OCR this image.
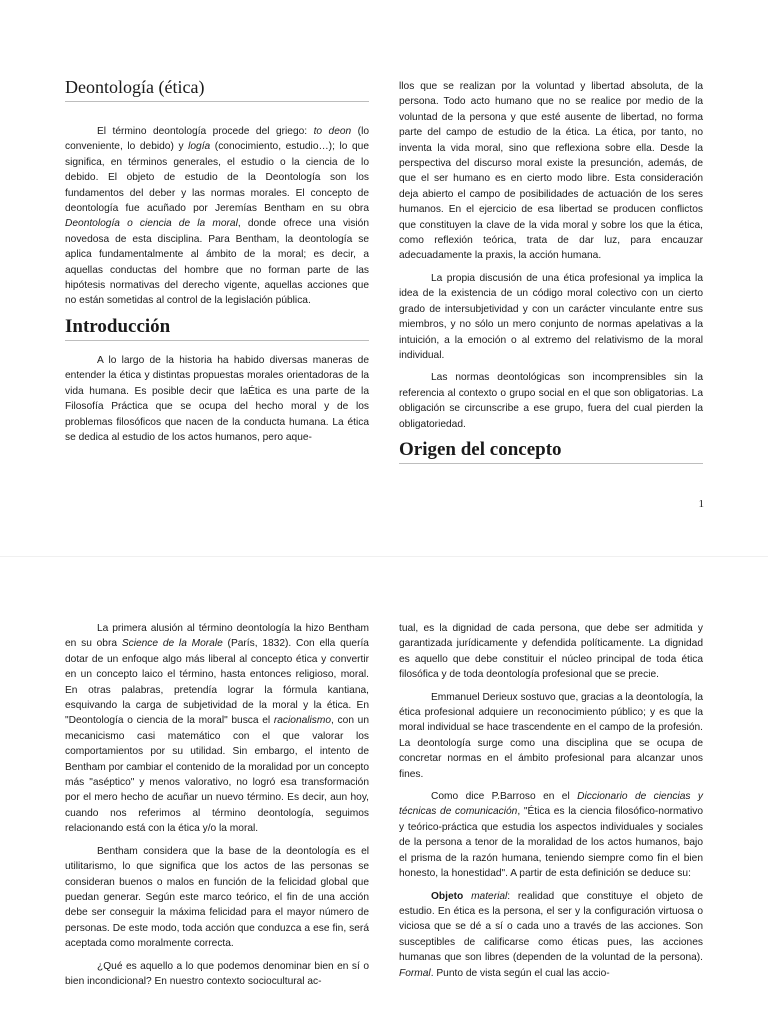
Deontología (ética)

El término deontología procede del griego: to deon (lo conveniente, lo debido) y logía (conocimiento, estudio…); lo que significa, en términos generales, el estudio o la ciencia de lo debido. El objeto de estudio de la Deontología son los fundamentos del deber y las normas morales. El concepto de deontología fue acuñado por Jeremías Bentham en su obra Deontología o ciencia de la moral, donde ofrece una visión novedosa de esta disciplina. Para Bentham, la deontología se aplica fundamentalmente al ámbito de la moral; es decir, a aquellas conductas del hombre que no forman parte de las hipótesis normativas del derecho vigente, aquellas acciones que no están sometidas al control de la legislación pública.

Introducción

A lo largo de la historia ha habido diversas maneras de entender la ética y distintas propuestas morales orientadoras de la vida humana. Es posible decir que laÉtica es una parte de la Filosofía Práctica que se ocupa del hecho moral y de los problemas filosóficos que nacen de la conducta humana. La ética se dedica al estudio de los actos humanos, pero aque-

llos que se realizan por la voluntad y libertad absoluta, de la persona. Todo acto humano que no se realice por medio de la voluntad de la persona y que esté ausente de libertad, no forma parte del campo de estudio de la ética. La ética, por tanto, no inventa la vida moral, sino que reflexiona sobre ella. Desde la perspectiva del discurso moral existe la presunción, además, de que el ser humano es en cierto modo libre. Esta consideración deja abierto el campo de posibilidades de actuación de los seres humanos. En el ejercicio de esa libertad se producen conflictos que constituyen la clave de la vida moral y sobre los que la ética, como reflexión teórica, trata de dar luz, para encauzar adecuadamente la praxis, la acción humana.

La propia discusión de una ética profesional ya implica la idea de la existencia de un código moral colectivo con un cierto grado de intersubjetividad y con un carácter vinculante entre sus miembros, y no sólo un mero conjunto de normas apelativas a la intuición, a la emoción o al extremo del relativismo de la moral individual.

Las normas deontológicas son incomprensibles sin la referencia al contexto o grupo social en el que son obligatorias. La obligación se circunscribe a ese grupo, fuera del cual pierden la obligatoriedad.

Origen del concepto
1

La primera alusión al término deontología la hizo Bentham en su obra Science de la Morale (París, 1832). Con ella quería dotar de un enfoque algo más liberal al concepto ética y convertir en un concepto laico el término, hasta entonces religioso, moral. En otras palabras, pretendía lograr la fórmula kantiana, esquivando la carga de subjetividad de la moral y la ética. En "Deontología o ciencia de la moral" busca el racionalismo, con un mecanicismo casi matemático con el que valorar los comportamientos por su utilidad. Sin embargo, el intento de Bentham por cambiar el contenido de la moralidad por un concepto más "aséptico" y menos valorativo, no logró esa transformación por el mero hecho de acuñar un nuevo término. Es decir, aun hoy, cuando nos referimos al término deontología, seguimos relacionando está con la ética y/o la moral.

Bentham considera que la base de la deontología es el utilitarismo, lo que significa que los actos de las personas se consideran buenos o malos en función de la felicidad global que puedan generar. Según este marco teórico, el fin de una acción debe ser conseguir la máxima felicidad para el mayor número de personas. De este modo, toda acción que conduzca a ese fin, será aceptada como moralmente correcta.

¿Qué es aquello a lo que podemos denominar bien en sí o bien incondicional? En nuestro contexto sociocultural ac-

tual, es la dignidad de cada persona, que debe ser admitida y garantizada jurídicamente y defendida políticamente. La dignidad es aquello que debe constituir el núcleo principal de toda ética filosófica y de toda deontología profesional que se precie.

Emmanuel Derieux sostuvo que, gracias a la deontología, la ética profesional adquiere un reconocimiento público; y es que la moral individual se hace trascendente en el campo de la profesión. La deontología surge como una disciplina que se ocupa de concretar normas en el ámbito profesional para alcanzar unos fines.

Como dice P.Barroso en el Diccionario de ciencias y técnicas de comunicación, "Ética es la ciencia filosófico-normativo y teórico-práctica que estudia los aspectos individuales y sociales de la persona a tenor de la moralidad de los actos humanos, bajo el prisma de la razón humana, teniendo siempre como fin el bien honesto, la honestidad". A partir de esta definición se deduce su:

Objeto material: realidad que constituye el objeto de estudio. En ética es la persona, el ser y la configuración virtuosa o viciosa que se dé a sí o cada uno a través de las acciones. Son susceptibles de calificarse como éticas pues, las acciones humanas que son libres (dependen de la voluntad de la persona). Formal. Punto de vista según el cual las accio-
